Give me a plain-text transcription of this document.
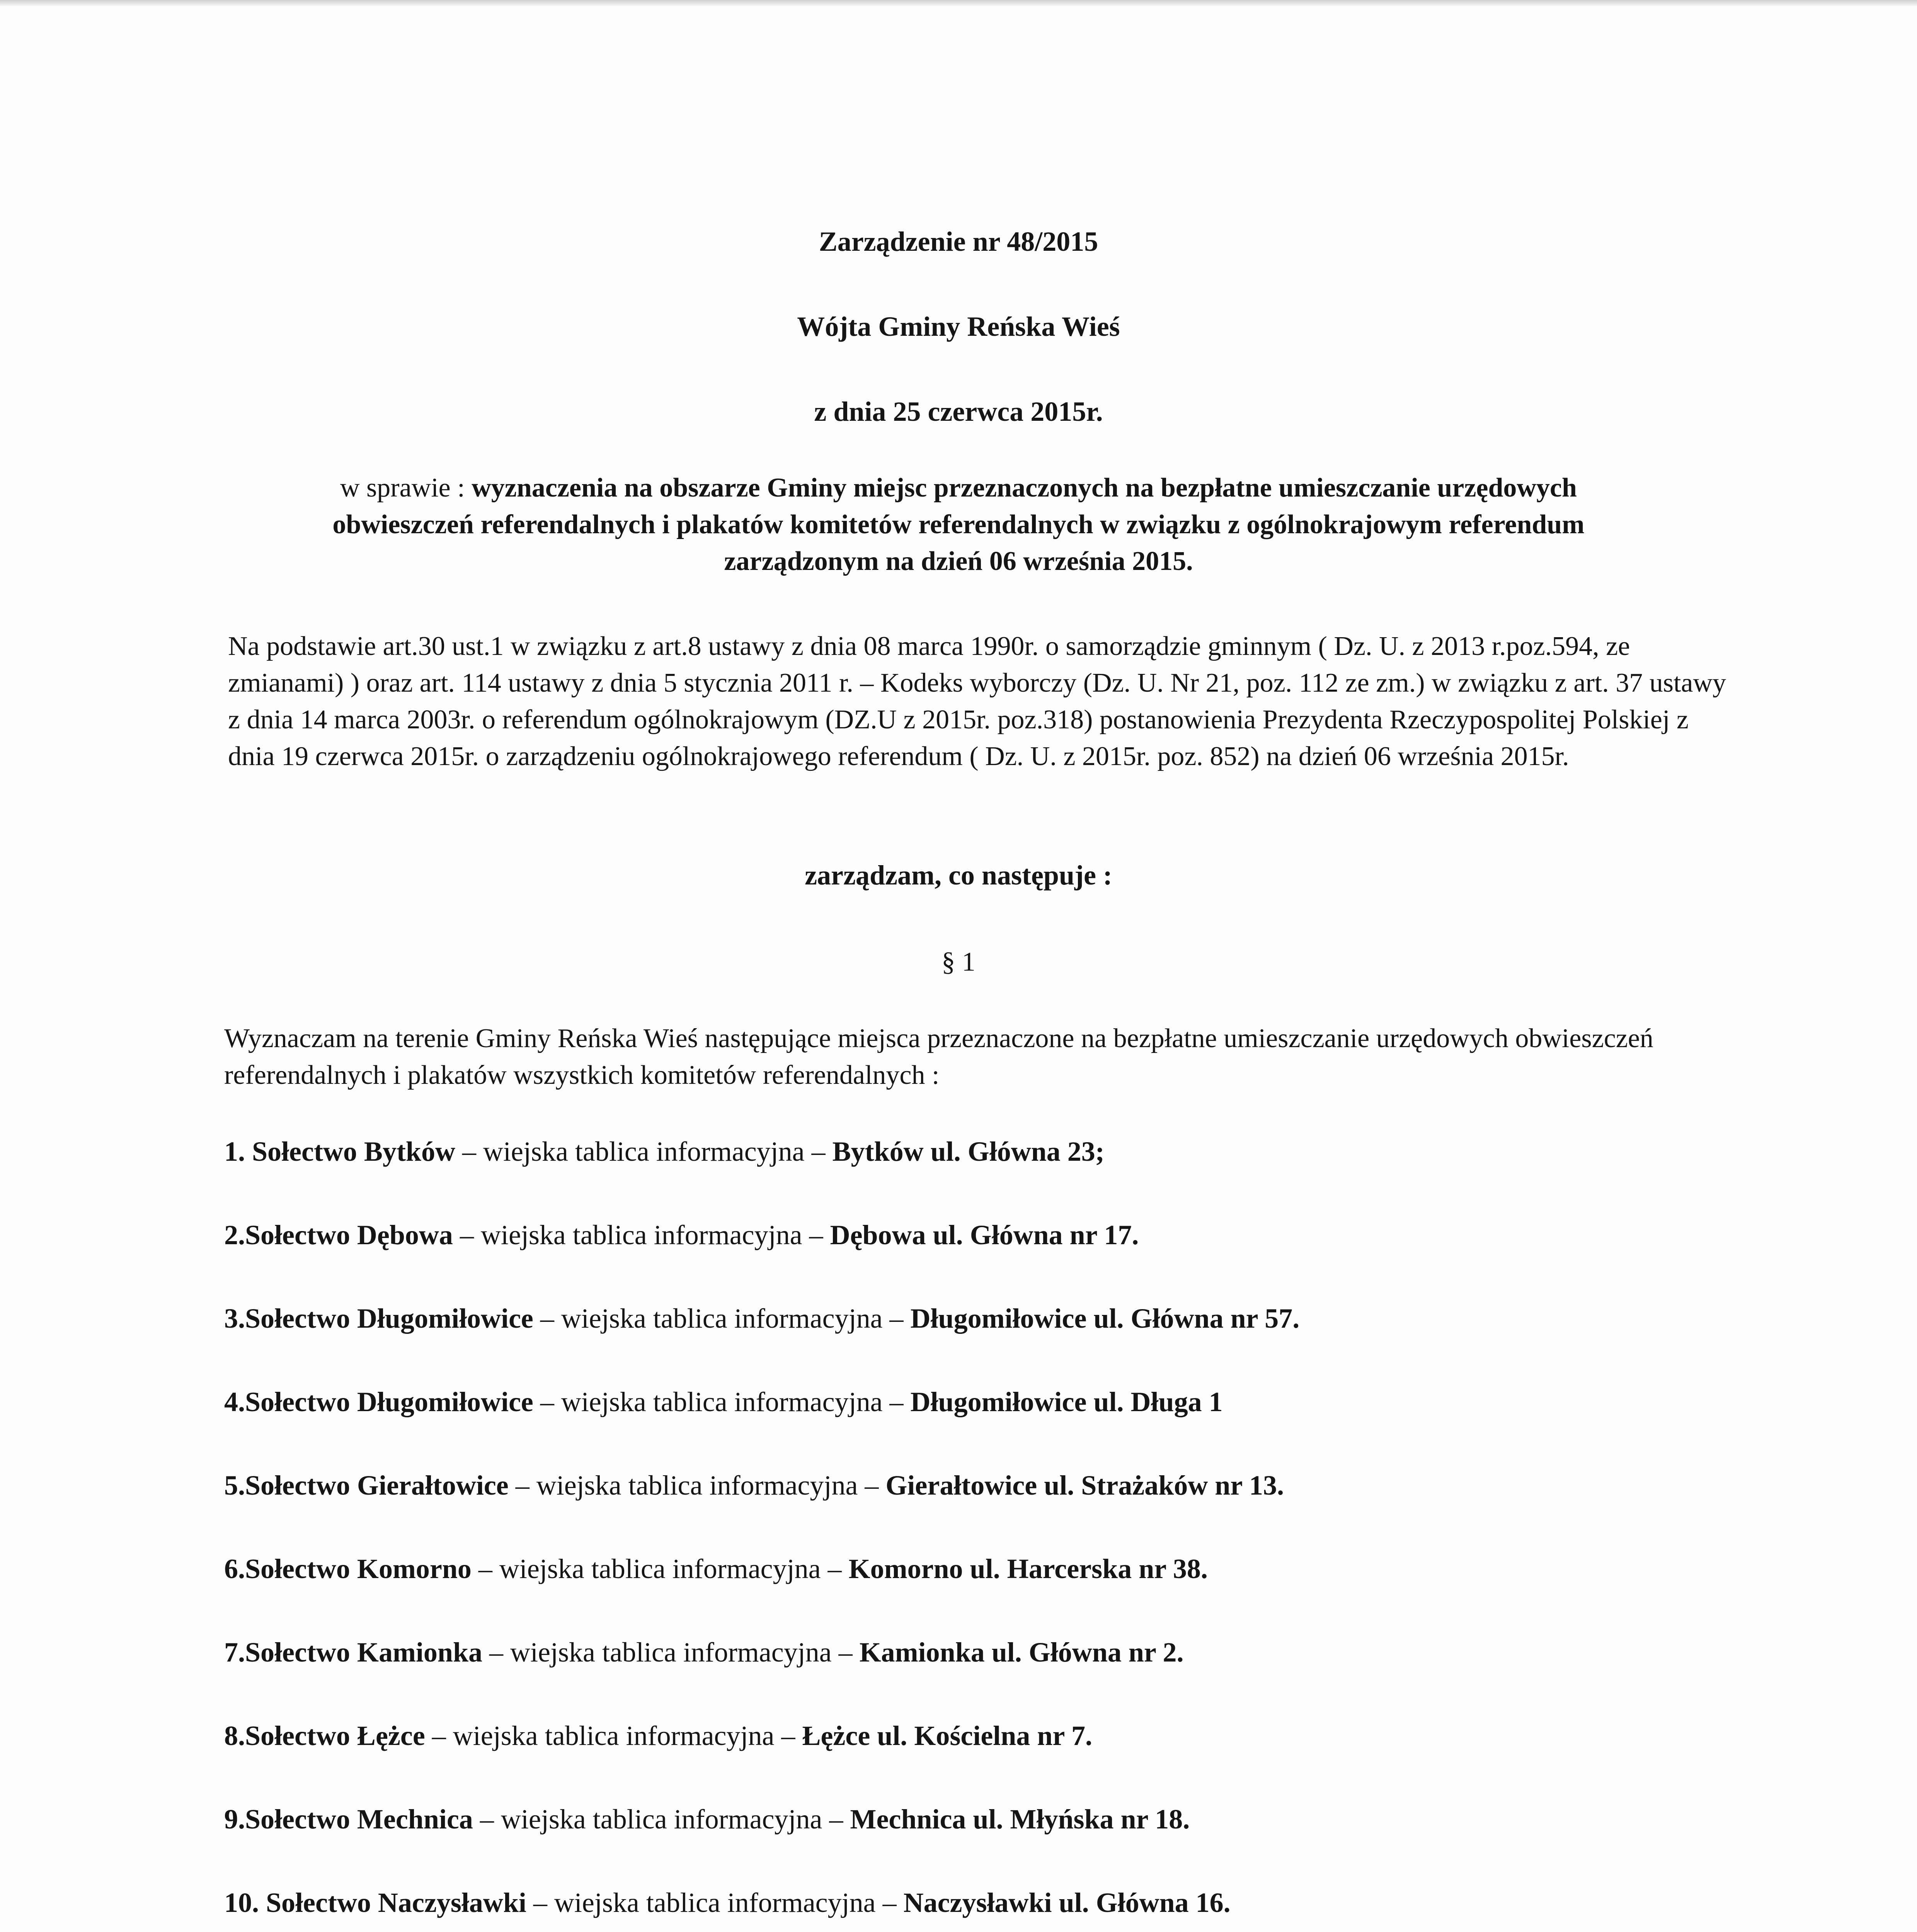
Zarządzenie nr 48/2015

Wójta Gminy Reńska Wieś

z dnia 25 czerwca 2015r.

w sprawie : wyznaczenia na obszarze Gminy miejsc przeznaczonych na bezpłatne umieszczanie urzędowych obwieszczeń referendalnych i plakatów komitetów referendalnych w związku z ogólnokrajowym referendum zarządzonym na dzień 06 września 2015.

Na podstawie art.30 ust.1 w związku z art.8 ustawy z dnia 08 marca 1990r. o samorządzie gminnym ( Dz. U. z 2013 r.poz.594, ze zmianami) ) oraz art. 114 ustawy z dnia 5 stycznia 2011 r. – Kodeks wyborczy (Dz. U. Nr 21, poz. 112 ze zm.) w związku z art. 37 ustawy z dnia 14 marca 2003r. o referendum ogólnokrajowym (DZ.U z 2015r. poz.318) postanowienia Prezydenta Rzeczypospolitej Polskiej z dnia 19 czerwca 2015r. o zarządzeniu ogólnokrajowego referendum ( Dz. U. z 2015r. poz. 852) na dzień 06 września 2015r.

zarządzam, co następuje :

§ 1

Wyznaczam na terenie Gminy Reńska Wieś następujące miejsca przeznaczone na bezpłatne umieszczanie urzędowych obwieszczeń referendalnych i plakatów wszystkich komitetów referendalnych :

1. Sołectwo Bytków – wiejska tablica informacyjna – Bytków ul. Główna 23;
2.Sołectwo Dębowa – wiejska tablica informacyjna – Dębowa ul. Główna nr 17.
3.Sołectwo Długomiłowice – wiejska tablica informacyjna – Długomiłowice ul. Główna nr 57.
4.Sołectwo Długomiłowice – wiejska tablica informacyjna – Długomiłowice ul. Długa 1
5.Sołectwo Gierałtowice – wiejska tablica informacyjna – Gierałtowice ul. Strażaków nr 13.
6.Sołectwo Komorno – wiejska tablica informacyjna – Komorno ul. Harcerska nr 38.
7.Sołectwo Kamionka – wiejska tablica informacyjna – Kamionka ul. Główna nr 2.
8.Sołectwo Łężce – wiejska tablica informacyjna – Łężce ul. Kościelna nr 7.
9.Sołectwo Mechnica – wiejska tablica informacyjna – Mechnica ul. Młyńska nr 18.
10. Sołectwo Naczysławki – wiejska tablica informacyjna – Naczysławki ul. Główna 16.
